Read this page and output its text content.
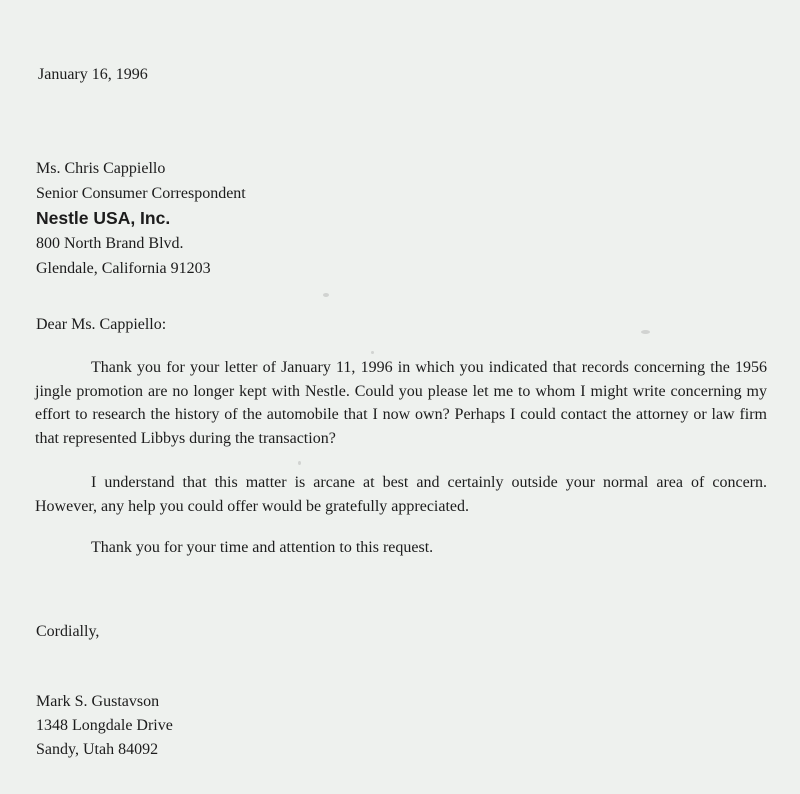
January 16, 1996
Ms. Chris Cappiello
Senior Consumer Correspondent
Nestle USA, Inc.
800 North Brand Blvd.
Glendale, California 91203
Dear Ms. Cappiello:

Thank you for your letter of January 11, 1996 in which you indicated that records concerning the 1956 jingle promotion are no longer kept with Nestle. Could you please let me to whom I might write concerning my effort to research the history of the automobile that I now own? Perhaps I could contact the attorney or law firm that represented Libbys during the transaction?

I understand that this matter is arcane at best and certainly outside your normal area of concern. However, any help you could offer would be gratefully appreciated.

Thank you for your time and attention to this request.

Cordially,
Mark S. Gustavson
1348 Longdale Drive
Sandy, Utah 84092
